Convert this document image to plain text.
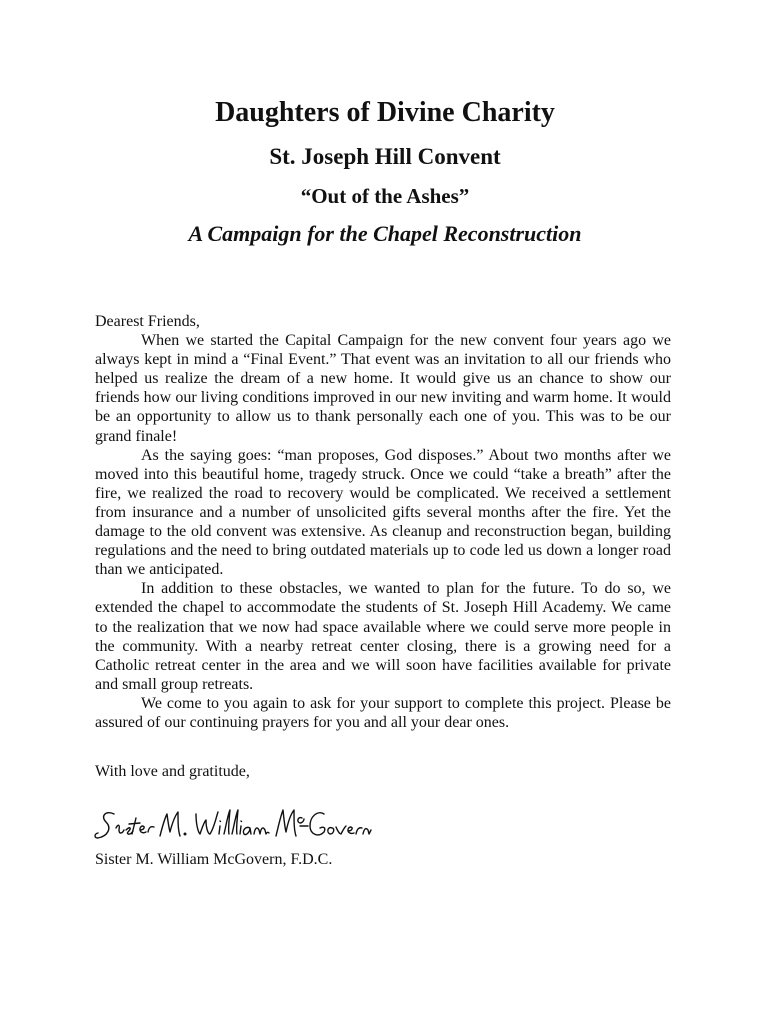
Daughters of Divine Charity
St. Joseph Hill Convent
“Out of the Ashes”
A Campaign for the Chapel Reconstruction

Dearest Friends,

When we started the Capital Campaign for the new convent four years ago we always kept in mind a “Final Event.” That event was an invitation to all our friends who helped us realize the dream of a new home. It would give us an chance to show our friends how our living conditions improved in our new inviting and warm home. It would be an opportunity to allow us to thank personally each one of you. This was to be our grand finale!

As the saying goes: “man proposes, God disposes.” About two months after we moved into this beautiful home, tragedy struck. Once we could “take a breath” after the fire, we realized the road to recovery would be complicated. We received a settlement from insurance and a number of unsolicited gifts several months after the fire. Yet the damage to the old convent was extensive. As cleanup and reconstruction began, building regulations and the need to bring outdated materials up to code led us down a longer road than we anticipated.

In addition to these obstacles, we wanted to plan for the future. To do so, we extended the chapel to accommodate the students of St. Joseph Hill Academy. We came to the realization that we now had space available where we could serve more people in the community. With a nearby retreat center closing, there is a growing need for a Catholic retreat center in the area and we will soon have facilities available for private and small group retreats.

We come to you again to ask for your support to complete this project. Please be assured of our continuing prayers for you and all your dear ones.

With love and gratitude,
Sister M. William McGovern, F.D.C.
